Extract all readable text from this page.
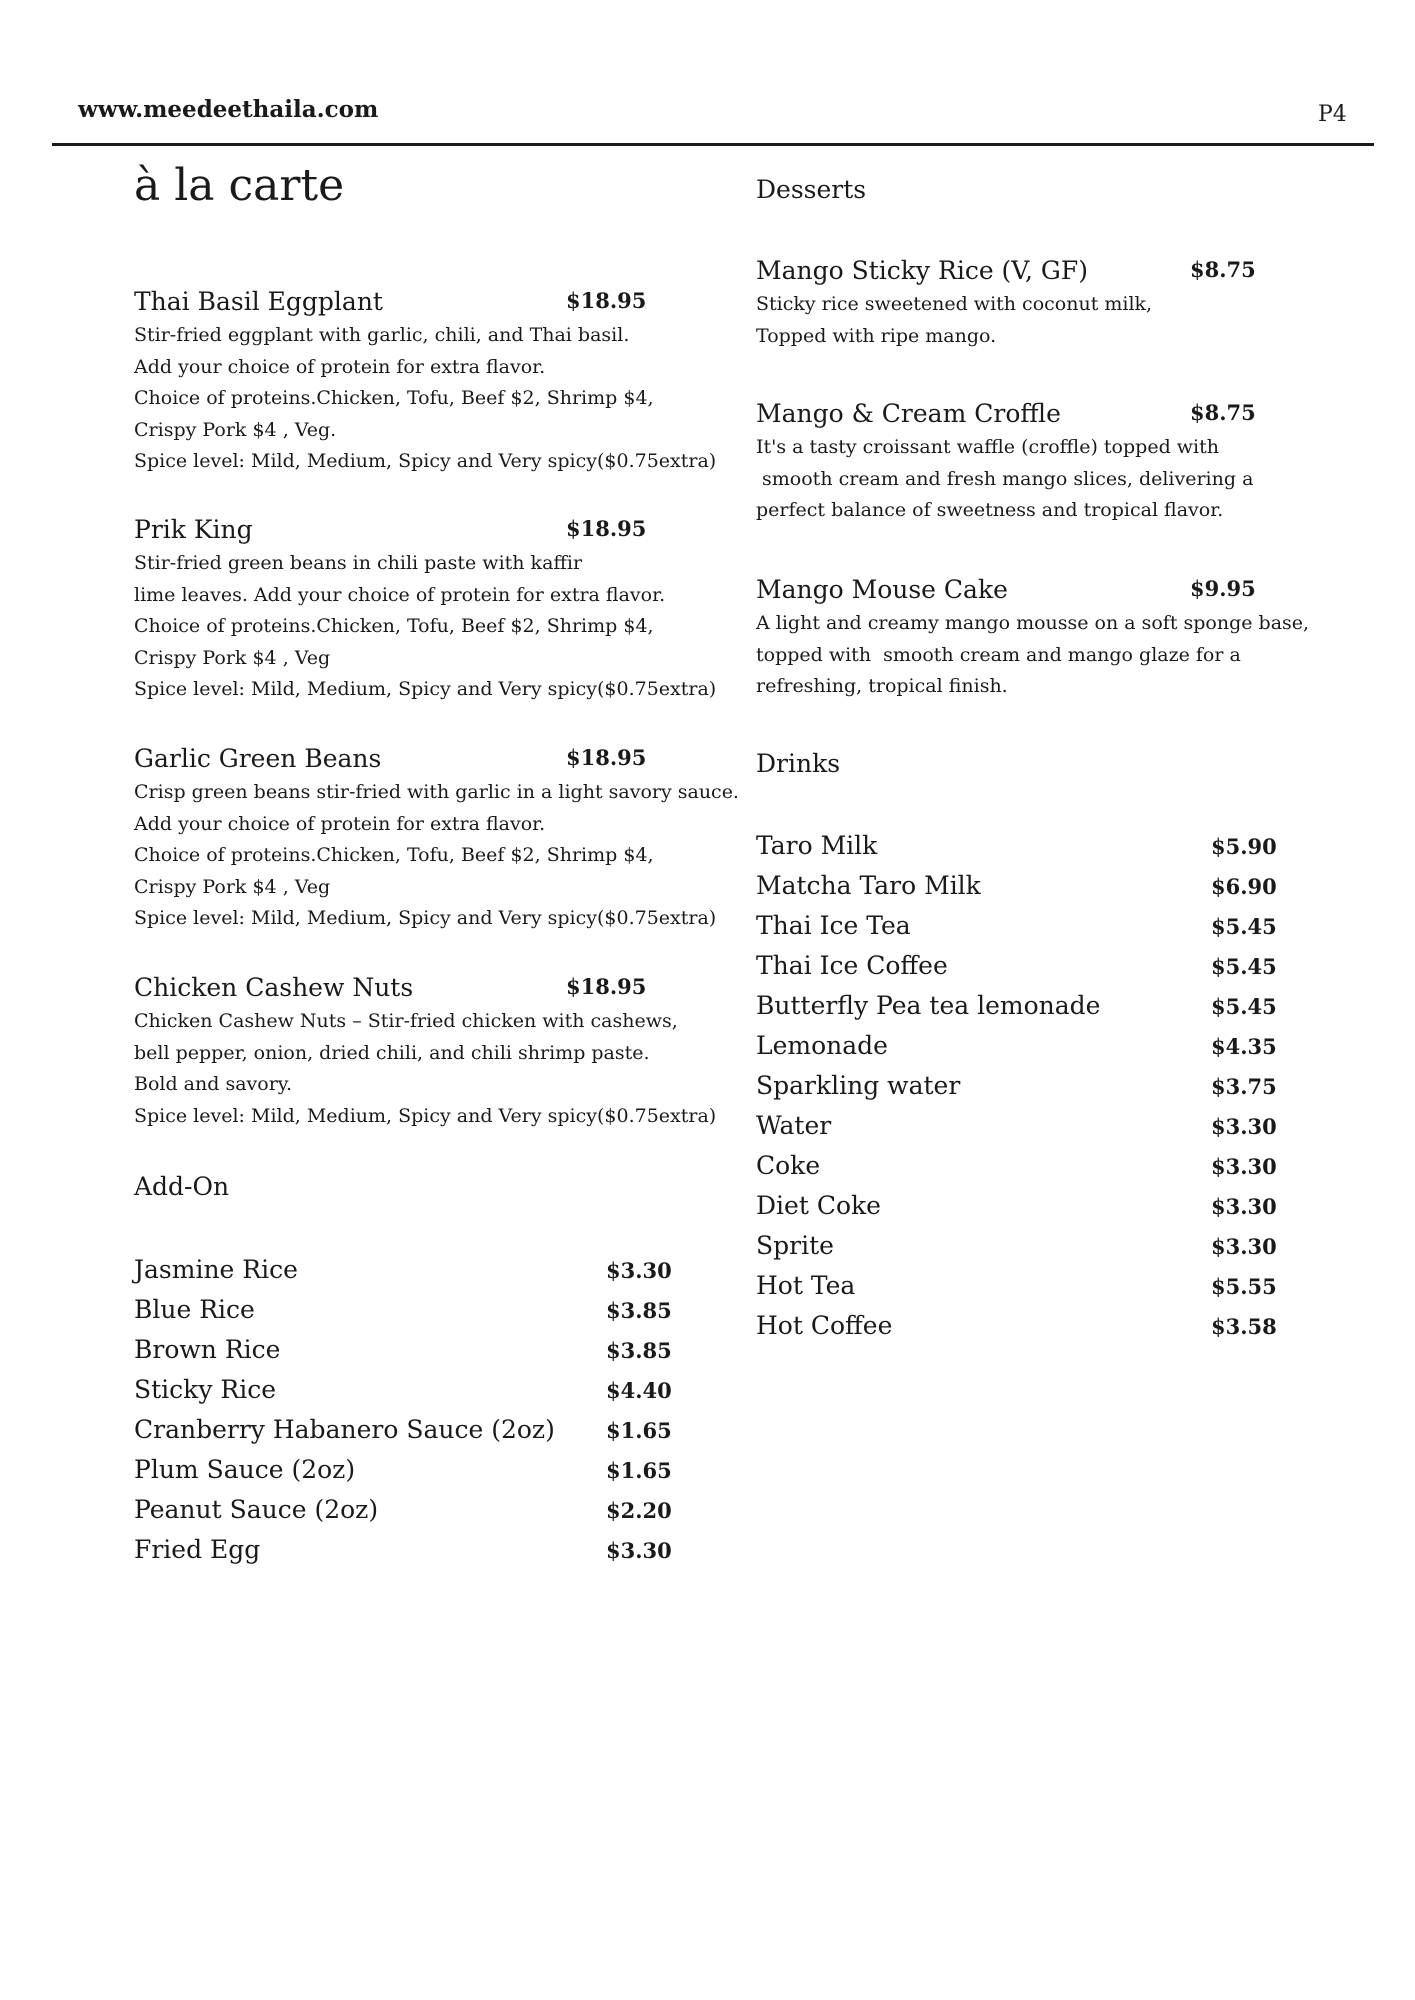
www.meedeethaila.com	P4
à la carte
Thai Basil Eggplant	$18.95
Stir-fried eggplant with garlic, chili, and Thai basil.
Add your choice of protein for extra flavor.
Choice of proteins.Chicken, Tofu, Beef $2, Shrimp $4,
Crispy Pork $4 , Veg.
Spice level: Mild, Medium, Spicy and Very spicy($0.75extra)
Prik King	$18.95
Stir-fried green beans in chili paste with kaffir
lime leaves. Add your choice of protein for extra flavor.
Choice of proteins.Chicken, Tofu, Beef $2, Shrimp $4,
Crispy Pork $4 , Veg
Spice level: Mild, Medium, Spicy and Very spicy($0.75extra)
Garlic Green Beans	$18.95
Crisp green beans stir-fried with garlic in a light savory sauce.
Add your choice of protein for extra flavor.
Choice of proteins.Chicken, Tofu, Beef $2, Shrimp $4,
Crispy Pork $4 , Veg
Spice level: Mild, Medium, Spicy and Very spicy($0.75extra)
Chicken Cashew Nuts	$18.95
Chicken Cashew Nuts – Stir-fried chicken with cashews,
bell pepper, onion, dried chili, and chili shrimp paste.
Bold and savory.
Spice level: Mild, Medium, Spicy and Very spicy($0.75extra)
Add-On
Jasmine Rice	$3.30
Blue Rice	$3.85
Brown Rice	$3.85
Sticky Rice	$4.40
Cranberry Habanero Sauce (2oz) $1.65
Plum Sauce (2oz)	$1.65
Peanut Sauce (2oz)	$2.20
Fried Egg	$3.30
Desserts
Mango Sticky Rice (V, GF)	$8.75
Sticky rice sweetened with coconut milk,
Topped with ripe mango.
Mango & Cream Croffle	$8.75
It's a tasty croissant waffle (croffle) topped with
smooth cream and fresh mango slices, delivering a
perfect balance of sweetness and tropical flavor.
Mango Mouse Cake	$9.95
A light and creamy mango mousse on a soft sponge base,
topped with  smooth cream and mango glaze for a
refreshing, tropical finish.
Drinks
Taro Milk	$5.90
Matcha Taro Milk	$6.90
Thai Ice Tea	$5.45
Thai Ice Coffee	$5.45
Butterfly Pea tea lemonade	$5.45
Lemonade	$4.35
Sparkling water	$3.75
Water	$3.30
Coke	$3.30
Diet Coke	$3.30
Sprite	$3.30
Hot Tea	$5.55
Hot Coffee	$3.58
